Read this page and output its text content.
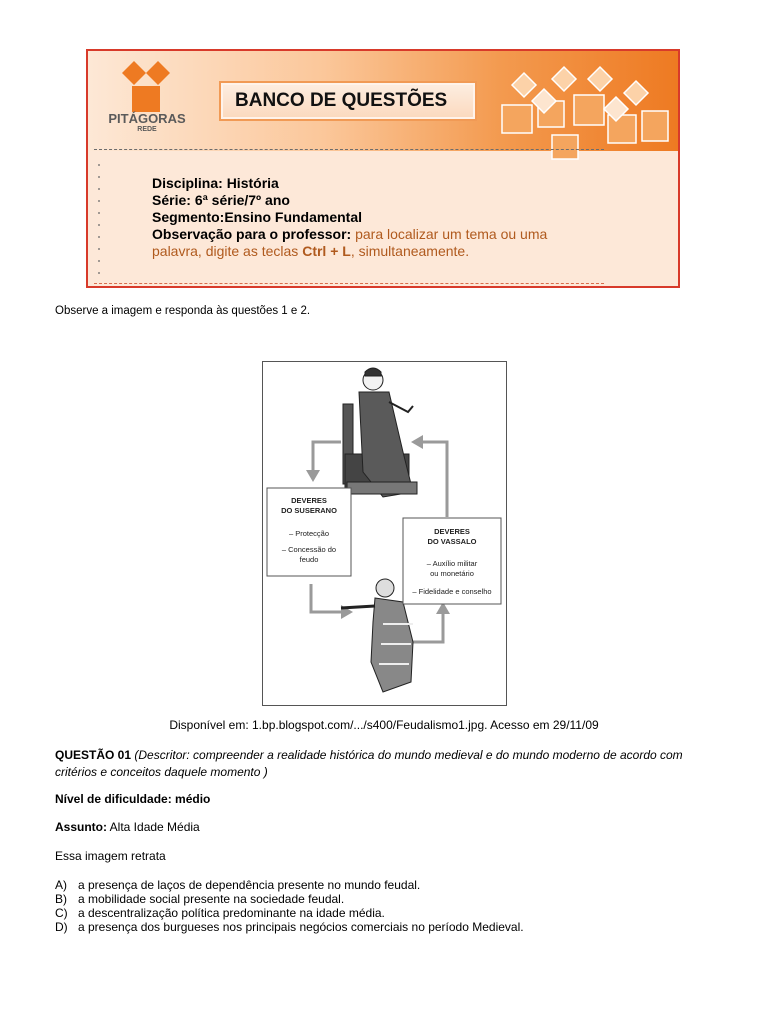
PITÁGORAS
REDE
BANCO DE QUESTÕES
Disciplina: História
Série: 6ª série/7º ano
Segmento:Ensino Fundamental
Observação para o professor: para localizar um tema ou uma
palavra, digite as teclas Ctrl + L, simultaneamente.
Observe a imagem e responda às questões 1 e 2.
DEVERES
DO SUSERANO
– Protecção
– Concessão do
feudo
DEVERES
DO VASSALO
– Auxílio militar
ou monetário
– Fidelidade e conselho
Disponível em: 1.bp.blogspot.com/.../s400/Feudalismo1.jpg. Acesso em 29/11/09
QUESTÃO 01 (Descritor: compreender a realidade histórica do mundo medieval e do mundo moderno de acordo com critérios e conceitos daquele momento )
Nível de dificuldade: médio
Assunto: Alta Idade Média
Essa imagem retrata
A) a presença de laços de dependência presente no mundo feudal.
B) a mobilidade social presente na sociedade feudal.
C) a descentralização política predominante na idade média.
D) a presença dos burgueses nos principais negócios comerciais no período Medieval.
